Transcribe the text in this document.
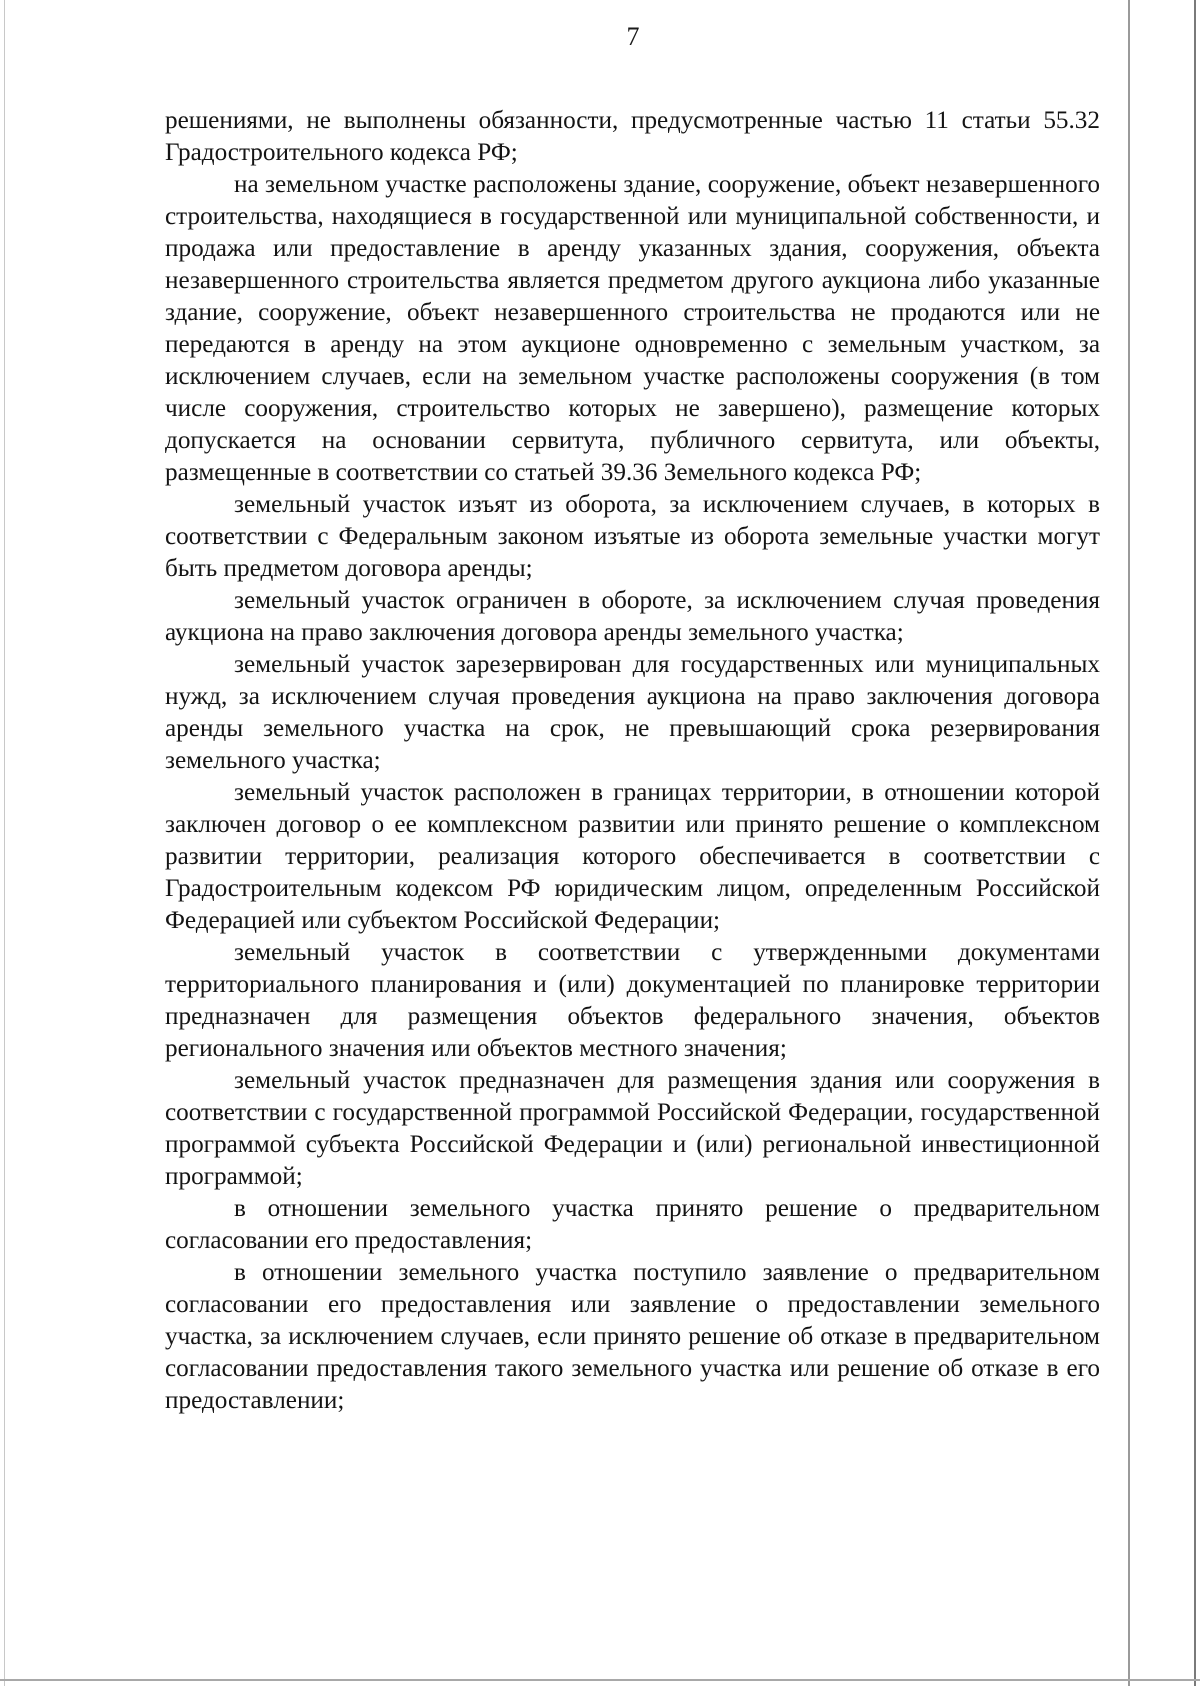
7

решениями, не выполнены обязанности, предусмотренные частью 11 статьи 55.32 Градостроительного кодекса РФ;

на земельном участке расположены здание, сооружение, объект незавершенного строительства, находящиеся в государственной или муниципальной собственности, и продажа или предоставление в аренду указанных здания, сооружения, объекта незавершенного строительства является предметом другого аукциона либо указанные здание, сооружение, объект незавершенного строительства не продаются или не передаются в аренду на этом аукционе одновременно с земельным участком, за исключением случаев, если на земельном участке расположены сооружения (в том числе сооружения, строительство которых не завершено), размещение которых допускается на основании сервитута, публичного сервитута, или объекты, размещенные в соответствии со статьей 39.36 Земельного кодекса РФ;

земельный участок изъят из оборота, за исключением случаев, в которых в соответствии с Федеральным законом изъятые из оборота земельные участки могут быть предметом договора аренды;

земельный участок ограничен в обороте, за исключением случая проведения аукциона на право заключения договора аренды земельного участка;

земельный участок зарезервирован для государственных или муниципальных нужд, за исключением случая проведения аукциона на право заключения договора аренды земельного участка на срок, не превышающий срока резервирования земельного участка;

земельный участок расположен в границах территории, в отношении которой заключен договор о ее комплексном развитии или принято решение о комплексном развитии территории, реализация которого обеспечивается в соответствии с Градостроительным кодексом РФ юридическим лицом, определенным Российской Федерацией или субъектом Российской Федерации;

земельный участок в соответствии с утвержденными документами территориального планирования и (или) документацией по планировке территории предназначен для размещения объектов федерального значения, объектов регионального значения или объектов местного значения;

земельный участок предназначен для размещения здания или сооружения в соответствии с государственной программой Российской Федерации, государственной программой субъекта Российской Федерации и (или) региональной инвестиционной программой;

в отношении земельного участка принято решение о предварительном согласовании его предоставления;

в отношении земельного участка поступило заявление о предварительном согласовании его предоставления или заявление о предоставлении земельного участка, за исключением случаев, если принято решение об отказе в предварительном согласовании предоставления такого земельного участка или решение об отказе в его предоставлении;
